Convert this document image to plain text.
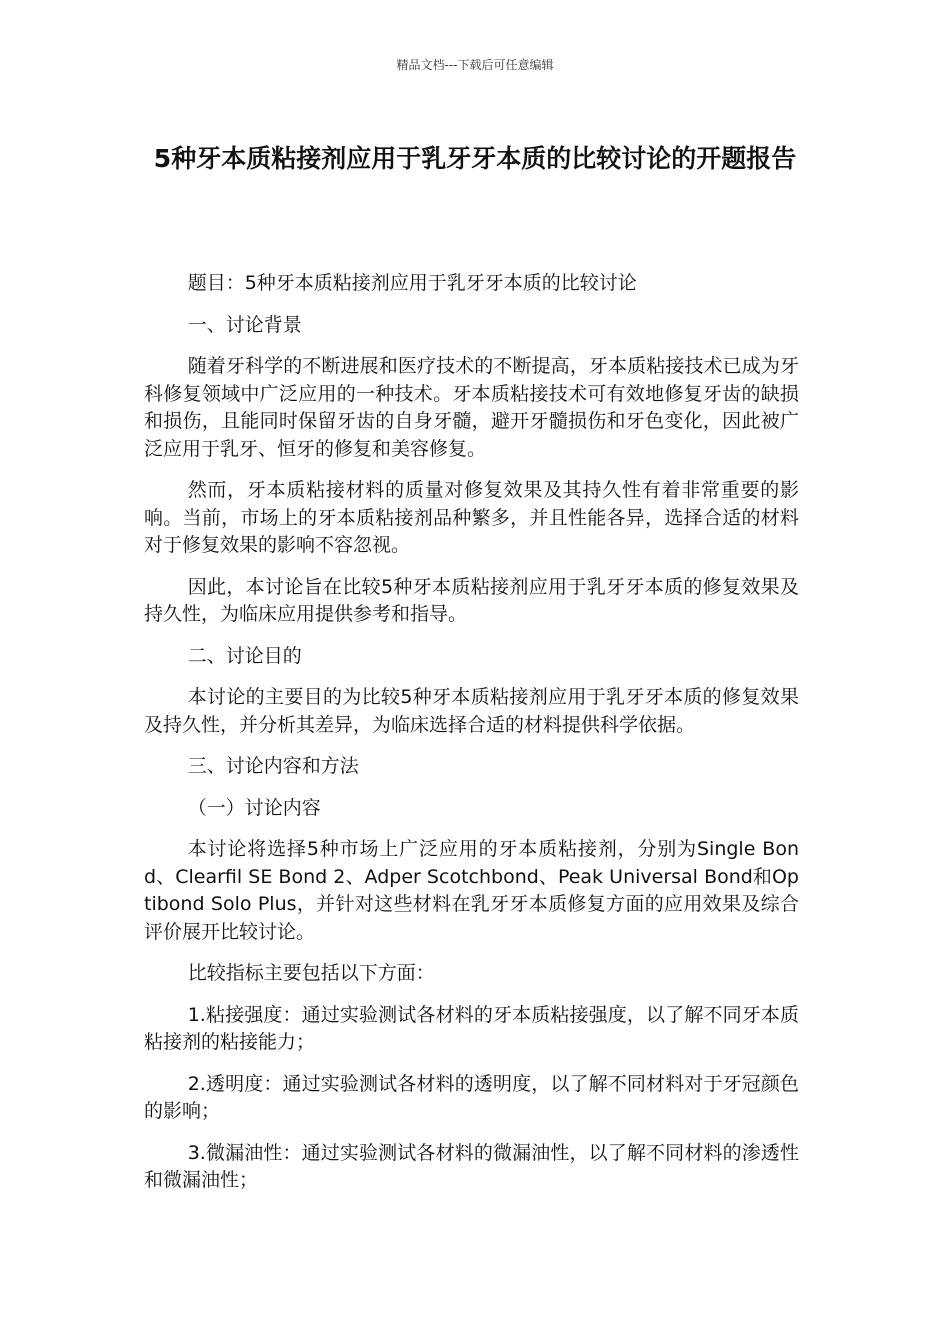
精品文档---下载后可任意编辑
5种牙本质粘接剂应用于乳牙牙本质的比较讨论的开题报告

题目：5种牙本质粘接剂应用于乳牙牙本质的比较讨论

一、讨论背景

随着牙科学的不断进展和医疗技术的不断提高，牙本质粘接技术已成为牙科修复领域中广泛应用的一种技术。牙本质粘接技术可有效地修复牙齿的缺损和损伤，且能同时保留牙齿的自身牙髓，避开牙髓损伤和牙色变化，因此被广泛应用于乳牙、恒牙的修复和美容修复。

然而，牙本质粘接材料的质量对修复效果及其持久性有着非常重要的影响。当前，市场上的牙本质粘接剂品种繁多，并且性能各异，选择合适的材料对于修复效果的影响不容忽视。

因此，本讨论旨在比较5种牙本质粘接剂应用于乳牙牙本质的修复效果及持久性，为临床应用提供参考和指导。

二、讨论目的

本讨论的主要目的为比较5种牙本质粘接剂应用于乳牙牙本质的修复效果及持久性，并分析其差异，为临床选择合适的材料提供科学依据。

三、讨论内容和方法

（一）讨论内容

本讨论将选择5种市场上广泛应用的牙本质粘接剂，分别为Single Bond、Clearfil SE Bond 2、Adper Scotchbond、Peak Universal Bond和Optibond Solo Plus，并针对这些材料在乳牙牙本质修复方面的应用效果及综合评价展开比较讨论。

比较指标主要包括以下方面：

1.粘接强度：通过实验测试各材料的牙本质粘接强度，以了解不同牙本质粘接剂的粘接能力；

2.透明度：通过实验测试各材料的透明度，以了解不同材料对于牙冠颜色的影响；

3.微漏油性：通过实验测试各材料的微漏油性，以了解不同材料的渗透性和微漏油性；
